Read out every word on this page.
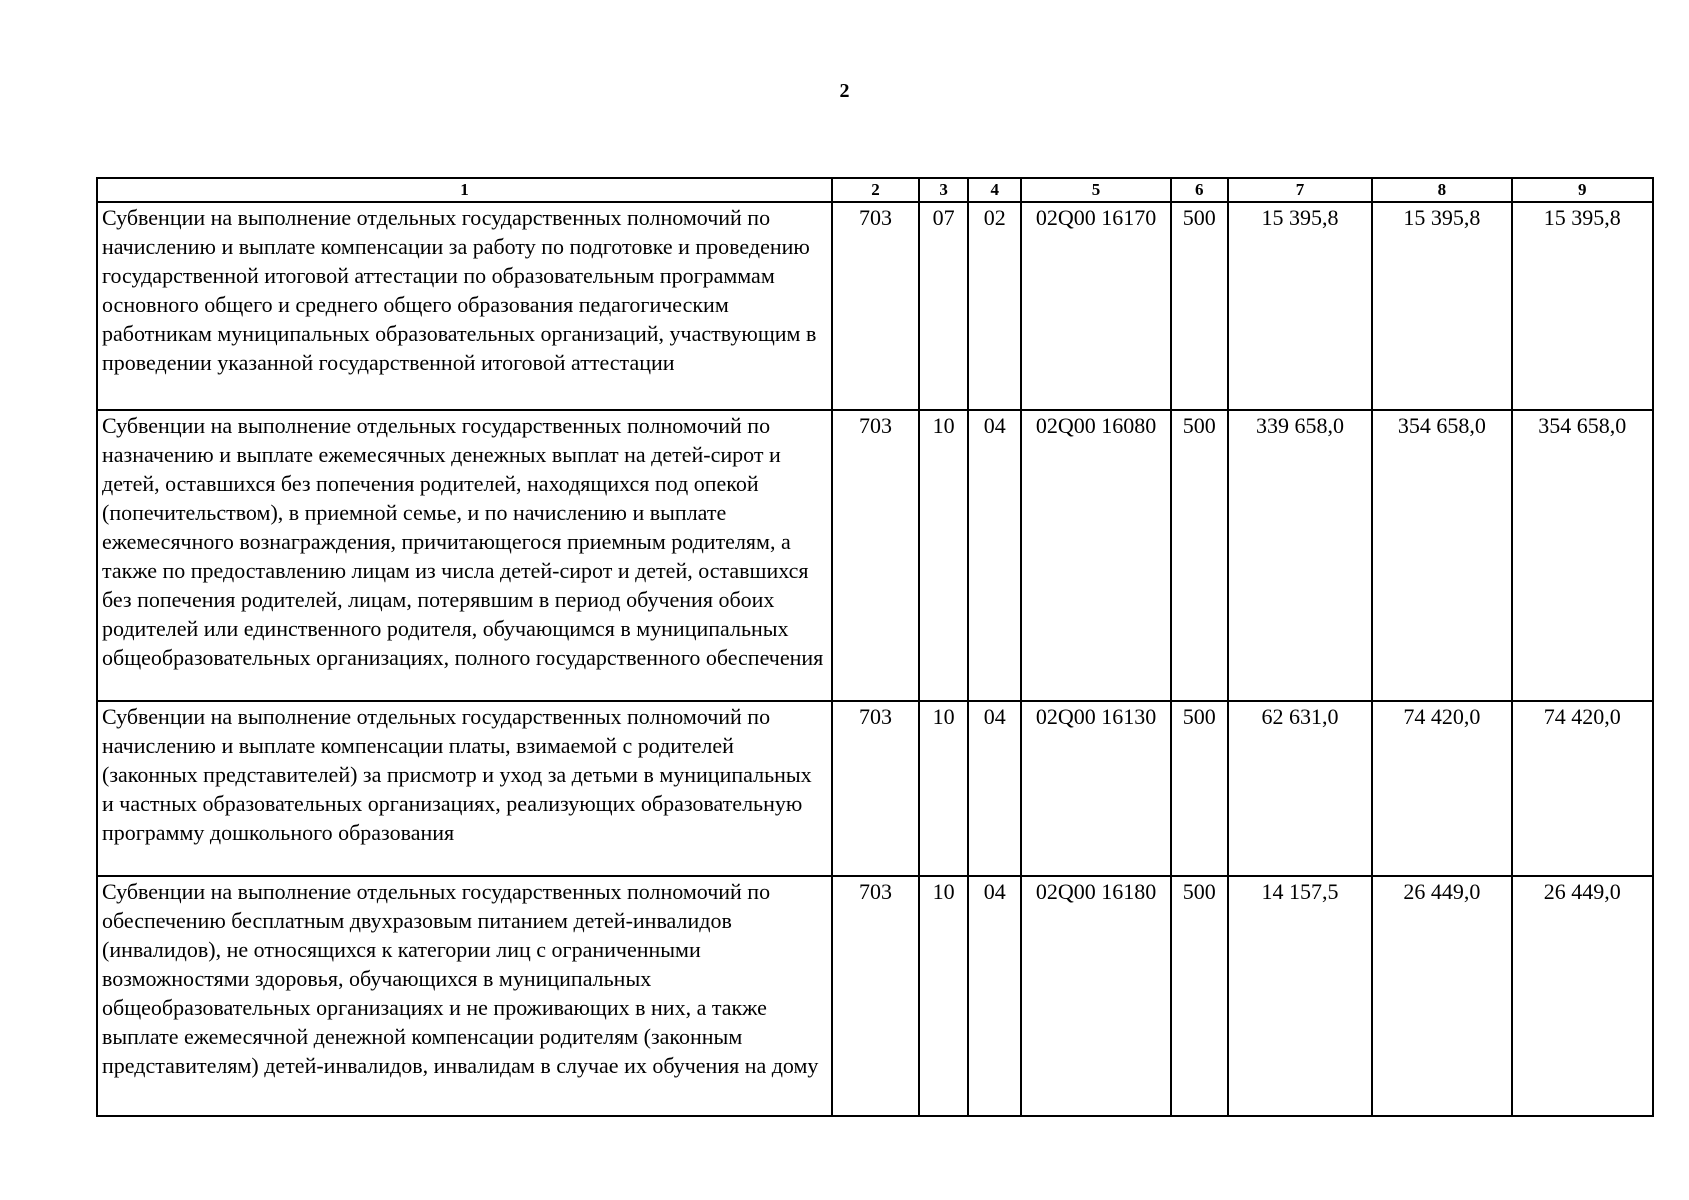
2
1	2	3	4	5	6	7	8	9
Субвенции на выполнение отдельных государственных полномочий по начислению и выплате компенсации за работу по подготовке и проведению государственной итоговой аттестации по образовательным программам основного общего и среднего общего образования педагогическим работникам муниципальных образовательных организаций, участвующим в проведении указанной государственной итоговой аттестации	703	07	02	02Q00 16170	500	15 395,8	15 395,8	15 395,8
Субвенции на выполнение отдельных государственных полномочий по назначению и выплате ежемесячных денежных выплат на детей-сирот и детей, оставшихся без попечения родителей, находящихся под опекой (попечительством), в приемной семье, и по начислению и выплате ежемесячного вознаграждения, причитающегося приемным родителям, а также по предоставлению лицам из числа детей-сирот и детей, оставшихся без попечения родителей, лицам, потерявшим в период обучения обоих родителей или единственного родителя, обучающимся в муниципальных общеобразовательных организациях, полного государственного обеспечения	703	10	04	02Q00 16080	500	339 658,0	354 658,0	354 658,0
Субвенции на выполнение отдельных государственных полномочий по начислению и выплате компенсации платы, взимаемой с родителей (законных представителей) за присмотр и уход за детьми в муниципальных и частных образовательных организациях, реализующих образовательную программу дошкольного образования	703	10	04	02Q00 16130	500	62 631,0	74 420,0	74 420,0
Субвенции на выполнение отдельных государственных полномочий по обеспечению бесплатным двухразовым питанием детей-инвалидов (инвалидов), не относящихся к категории лиц с ограниченными возможностями здоровья, обучающихся в муниципальных общеобразовательных организациях и не проживающих в них, а также выплате ежемесячной денежной компенсации родителям (законным представителям) детей-инвалидов, инвалидам в случае их обучения на дому	703	10	04	02Q00 16180	500	14 157,5	26 449,0	26 449,0
